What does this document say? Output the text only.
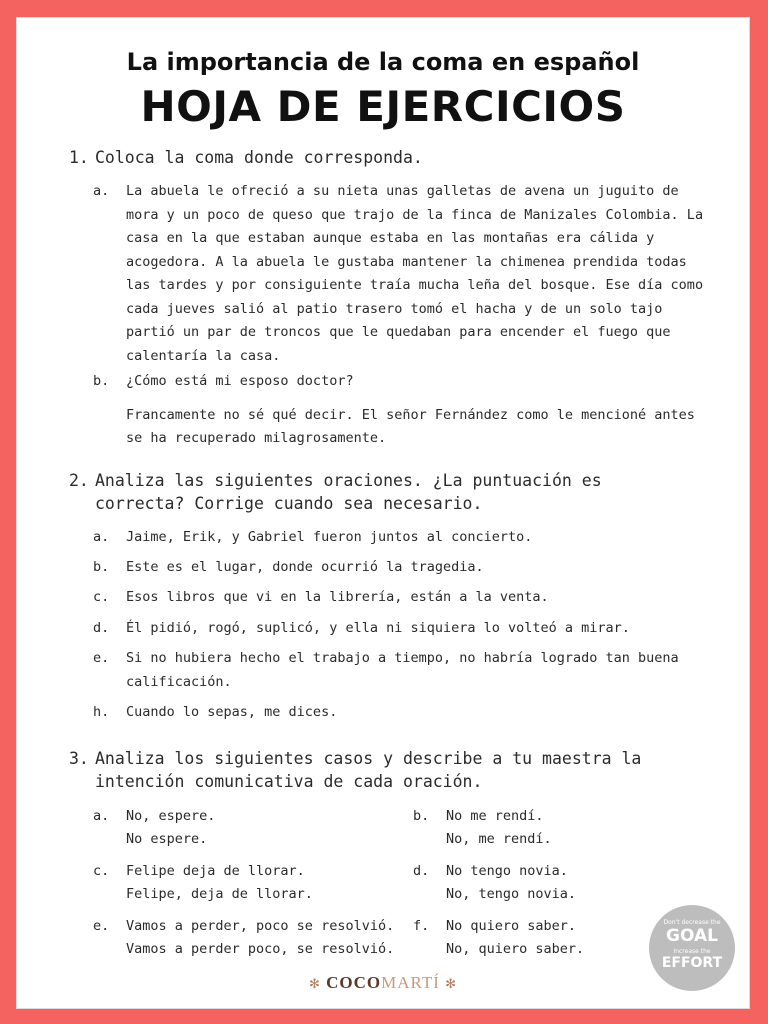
La importancia de la coma en español
HOJA DE EJERCICIOS
1. Coloca la coma donde corresponda.
a.	La abuela le ofreció a su nieta unas galletas de avena un juguito de mora y un poco de queso que trajo de la finca de Manizales Colombia. La casa en la que estaban aunque estaba en las montañas era cálida y acogedora. A la abuela le gustaba mantener la chimenea prendida todas las tardes y por consiguiente traía mucha leña del bosque. Ese día como cada jueves salió al patio trasero tomó el hacha y de un solo tajo partió un par de troncos que le quedaban para encender el fuego que calentaría la casa.

b.	¿Cómo está mi esposo doctor?

Francamente no sé qué decir. El señor Fernández como le mencioné antes se ha recuperado milagrosamente.

2. Analiza las siguientes oraciones. ¿La puntuación es correcta? Corrige cuando sea necesario.
a.	Jaime, Erik, y Gabriel fueron juntos al concierto.
b.	Este es el lugar, donde ocurrió la tragedia.
c.	Esos libros que vi en la librería, están a la venta.
d.	Él pidió, rogó, suplicó, y ella ni siquiera lo volteó a mirar.
e.	Si no hubiera hecho el trabajo a tiempo, no habría logrado tan buena calificación.
h.	Cuando lo sepas, me dices.
3. Analiza los siguientes casos y describe a tu maestra la intención comunicativa de cada oración.
a.	No, espere.
No espere.
b.	No me rendí.
No, me rendí.
c.	Felipe deja de llorar.
Felipe, deja de llorar.
d.	No tengo novia.
No, tengo novia.
e.	Vamos a perder, poco se resolvió.
Vamos a perder poco, se resolvió.
f.	No quiero saber.
No, quiero saber.
Don't decrease the
GOAL
Increase the
EFFORT
✻ COCOMARTÍ ✻
